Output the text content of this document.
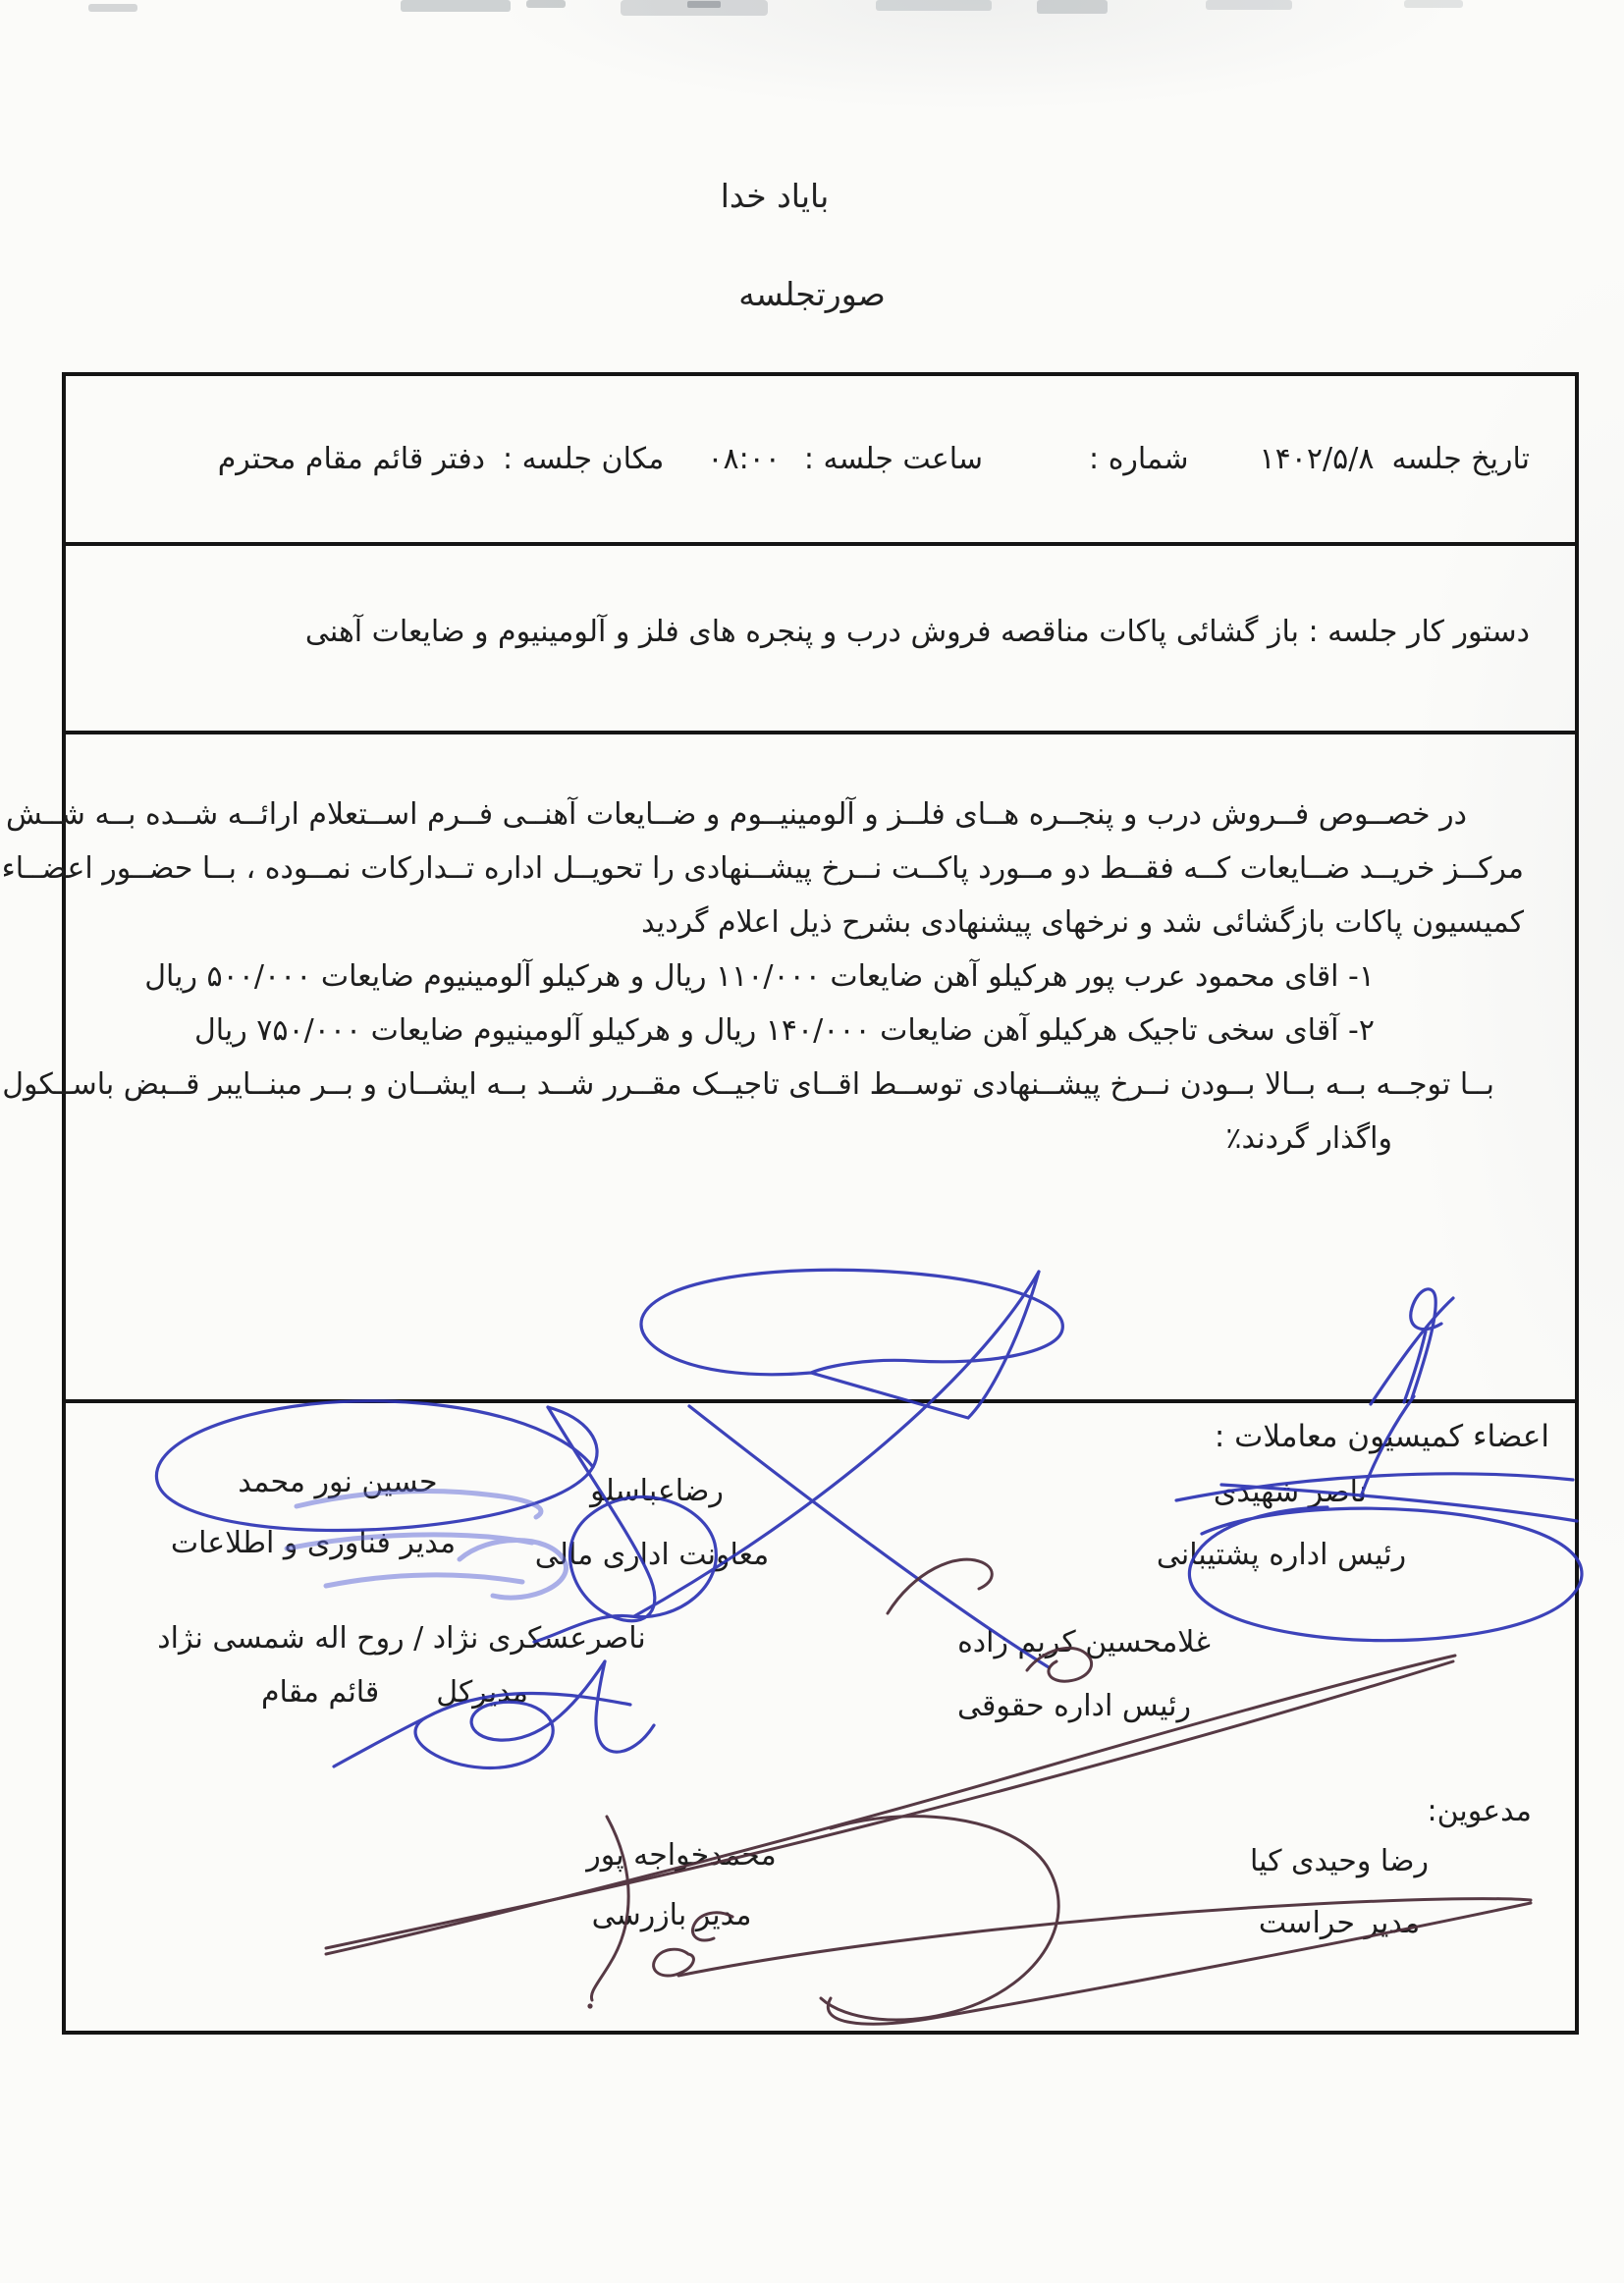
بایاد خدا
صورتجلسه
تاریخ جلسه
۱۴۰۲/۵/۸
شماره :
ساعت جلسه :
۰۸:۰۰
مکان جلسه :
دفتر قائم مقام محترم
دستور کار جلسه : باز گشائی پاکات مناقصه فروش درب و پنجره های فلز و آلومینیوم و ضایعات آهنی
در خصــوص فــروش درب و پنجــره هــای فلــز و آلومینیــوم و ضــایعات آهنــی فــرم اســتعلام ارائــه شــده بــه شــش
مرکــز خریــد ضــایعات کــه فقــط دو مــورد پاکــت نــرخ پیشــنهادی را تحویــل اداره تــدارکات نمــوده ، بــا حضــور اعضــاء
کمیسیون پاکات بازگشائی شد و نرخهای پیشنهادی بشرح ذیل اعلام گردید
۱- اقای محمود عرب پور هرکیلو آهن ضایعات ۱۱۰/۰۰۰ ریال و هرکیلو آلومینیوم ضایعات ۵۰۰/۰۰۰ ریال
۲- آقای سخی تاجیک هرکیلو آهن ضایعات ۱۴۰/۰۰۰ ریال و هرکیلو آلومینیوم ضایعات ۷۵۰/۰۰۰ ریال
بــا توجــه بــه بــالا بــودن نــرخ پیشــنهادی توســط اقــای تاجیــک مقــرر شــد بــه ایشــان و بــر مبنــایبر قــبض باســکول
واگذار گردند٪
اعضاء کمیسیون معاملات :
ناصر شهیدی
رئیس اداره پشتیبانی
رضاعباسلو
معاونت اداری مالی
حسین نور محمد
مدیر فناوری و اطلاعات
غلامحسین کریم زاده
رئیس اداره حقوقی
ناصرعسکری نژاد / روح اله شمسی نژاد
مدیرکل
قائم مقام
مدعوین:
رضا وحیدی کیا
مدیر حراست
محمدخواجه پور
مدیر بازرسی
